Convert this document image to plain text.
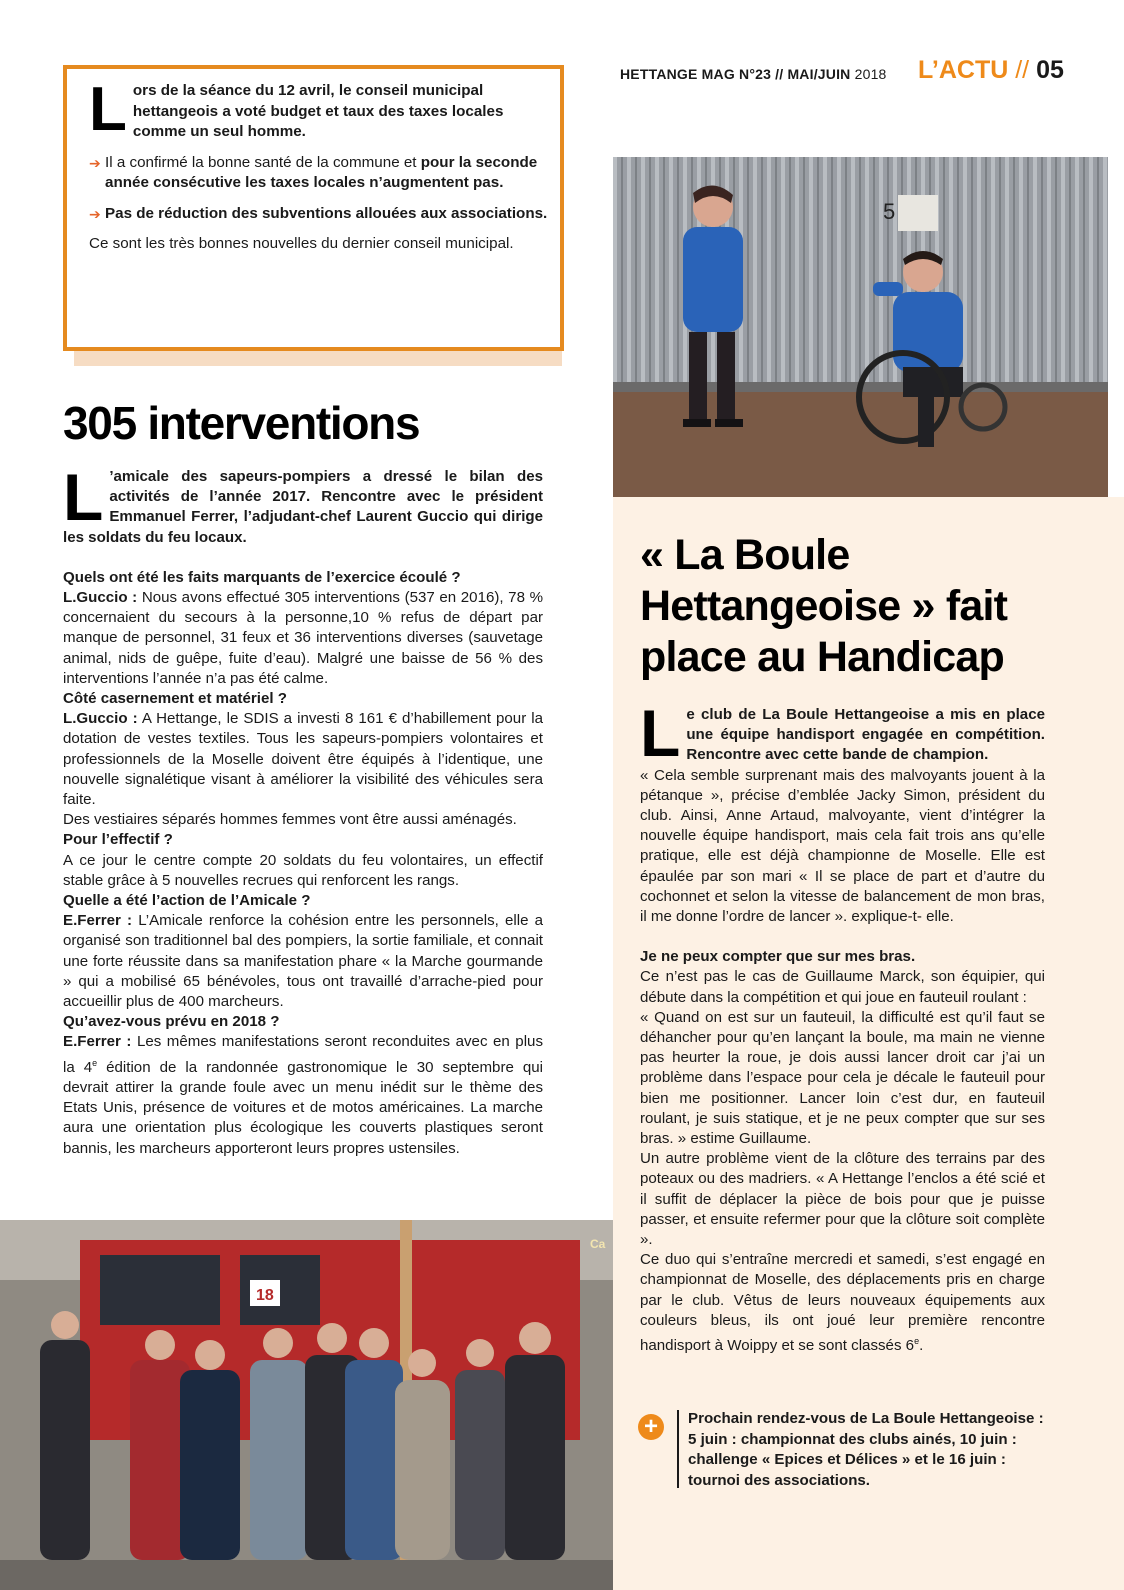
HETTANGE MAG N°23 // MAI/JUIN 2018 L’ACTU // 05
L ors de la séance du 12 avril, le conseil municipal hettangeois a voté budget et taux des taxes locales comme un seul homme.

➔ Il a confirmé la bonne santé de la commune et pour la seconde année consécutive les taxes locales n’augmentent pas.

➔ Pas de réduction des subventions allouées aux associations.

Ce sont les très bonnes nouvelles du dernier conseil municipal.

305 interventions

L ’amicale des sapeurs-pompiers a dressé le bilan des activités de l’année 2017. Rencontre avec le président Emmanuel Ferrer, l’adjudant-chef Laurent Guccio qui dirige les soldats du feu locaux.

Quels ont été les faits marquants de l’exercice écoulé ?

L.Guccio : Nous avons effectué 305 interventions (537 en 2016), 78 % concernaient du secours à la personne,10 % refus de départ par manque de personnel, 31 feux et 36 interventions diverses (sauvetage animal, nids de guêpe, fuite d’eau). Malgré une baisse de 56 % des interventions l’année n’a pas été calme.

Côté casernement et matériel ?

L.Guccio : A Hettange, le SDIS a investi 8 161 € d’habillement pour la dotation de vestes textiles. Tous les sapeurs-pompiers volontaires et professionnels de la Moselle doivent être équipés à l’identique, une nouvelle signalétique visant à améliorer la visibilité des véhicules sera faite.

Des vestiaires séparés hommes femmes vont être aussi aménagés.

Pour l’effectif ?

A ce jour le centre compte 20 soldats du feu volontaires, un effectif stable grâce à 5 nouvelles recrues qui renforcent les rangs.

Quelle a été l’action de l’Amicale ?

E.Ferrer : L’Amicale renforce la cohésion entre les personnels, elle a organisé son traditionnel bal des pompiers, la sortie familiale, et connait une forte réussite dans sa manifestation phare « la Marche gourmande » qui a mobilisé 65 bénévoles, tous ont travaillé d’arrache-pied pour accueillir plus de 400 marcheurs.

Qu’avez-vous prévu en 2018 ?

E.Ferrer : Les mêmes manifestations seront reconduites avec en plus la 4e édition de la randonnée gastronomique le 30 septembre qui devrait attirer la grande foule avec un menu inédit sur le thème des Etats Unis, présence de voitures et de motos américaines. La marche aura une orientation plus écologique les couverts plastiques seront bannis, les marcheurs apporteront leurs propres ustensiles.

5
18
Ca
« La Boule Hettangeoise » fait place au Handicap

Le club de La Boule Hettangeoise a mis en place une équipe handisport engagée en compétition. Rencontre avec cette bande de champion.

« Cela semble surprenant mais des malvoyants jouent à la pétanque », précise d’emblée Jacky Simon, président du club. Ainsi, Anne Artaud, malvoyante, vient d’intégrer la nouvelle équipe handisport, mais cela fait trois ans qu’elle pratique, elle est déjà championne de Moselle. Elle est épaulée par son mari « Il se place de part et d’autre du cochonnet et selon la vitesse de balancement de mon bras, il me donne l’ordre de lancer ». explique-t- elle.

Je ne peux compter que sur mes bras.

Ce n’est pas le cas de Guillaume Marck, son équipier, qui débute dans la compétition et qui joue en fauteuil roulant :

« Quand on est sur un fauteuil, la difficulté est qu’il faut se déhancher pour qu’en lançant la boule, ma main ne vienne pas heurter la roue, je dois aussi lancer droit car j’ai un problème dans l’espace pour cela je décale le fauteuil pour bien me positionner. Lancer loin c’est dur, en fauteuil roulant, je suis statique, et je ne peux compter que sur ses bras. » estime Guillaume.

Un autre problème vient de la clôture des terrains par des poteaux ou des madriers. « A Hettange l’enclos a été scié et il suffit de déplacer la pièce de bois pour que je puisse passer, et ensuite refermer pour que la clôture soit complète ».

Ce duo qui s’entraîne mercredi et samedi, s’est engagé en championnat de Moselle, des déplacements pris en charge par le club. Vêtus de leurs nouveaux équipements aux couleurs bleus, ils ont joué leur première rencontre handisport à Woippy et se sont classés 6e.

+	Prochain rendez-vous de La Boule Hettangeoise : 5 juin : championnat des clubs ainés, 10 juin : challenge « Epices et Délices » et le 16 juin : tournoi des associations.
